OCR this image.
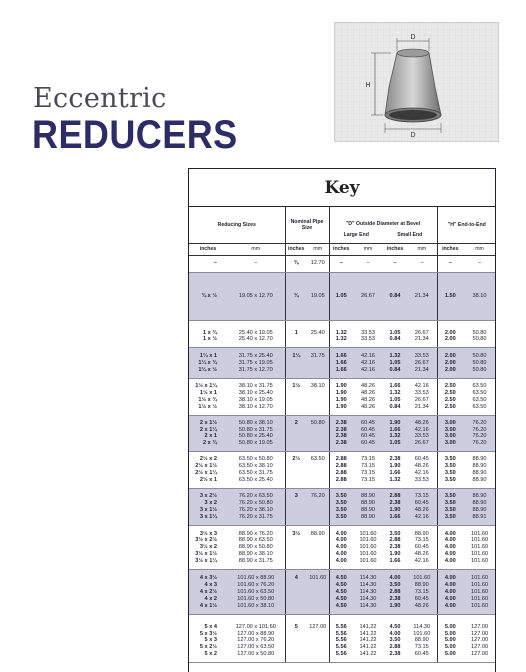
D
D
H
Eccentric
REDUCERS
Key
Reducing Sizes		Nominal Pipe Size		"D" Outside Diameter at Bevel				"H" End-to-End	
				Large End		Small End			
inches	mm	inches	mm	inches	mm	inches	mm	inches	mm
–	–	⅜	12.70	–	–	–	–	–	–
¾ x ½	19.05 x 12.70	¾	19.05	1.05	26.67	0.84	21.34	1.50	38.10
1 x ¾	25.40 x 19.05	1	25.40	1.32	33.53	1.05	26.67	2.00	50.80
1 x ½	25.40 x 12.70			1.32	33.53	0.84	21.34	2.00	50.80
1¼ x 1	31.75 x 25.40	1¼	31.75	1.66	42.16	1.32	33.53	2.00	50.80
1¼ x ¾	31.75 x 19.05			1.66	42.16	1.05	26.67	2.00	50.80
1¼ x ½	31.75 x 12.70			1.66	42.16	0.84	21.34	2.00	50.80
1½ x 1¼	38.10 x 31.75	1½	38.10	1.90	48.26	1.66	42.16	2.50	63.50
1½ x 1	38.10 x 25.40			1.90	48.26	1.32	33.53	2.50	63.50
1½ x ¾	38.10 x 19.05			1.90	48.26	1.05	26.67	2.50	63.50
1½ x ½	38.10 x 12.70			1.90	48.26	0.84	21.34	2.50	63.50
2 x 1½	50.80 x 38.10	2	50.80	2.38	60.45	1.90	48.26	3.00	76.20
2 x 1¼	50.80 x 31.75			2.38	60.45	1.66	42.16	3.00	76.20
2 x 1	50.80 x 25.40			2.38	60.45	1.32	33.53	3.00	76.20
2 x ¾	50.80 x 19.05			2.38	60.45	1.05	26.67	3.00	76.20
2½ x 2	63.50 x 50.80	2½	63.50	2.88	73.15	2.38	60.45	3.50	88.90
2½ x 1½	63.50 x 38.10			2.88	73.15	1.90	48.26	3.50	88.90
2½ x 1¼	63.50 x 31.75			2.88	73.15	1.66	42.16	3.50	88.90
2½ x 1	63.50 x 25.40			2.88	73.15	1.32	33.53	3.50	88.90
3 x 2½	76.20 x 63.50	3	76.20	3.50	88.90	2.88	73.15	3.50	88.90
3 x 2	76.20 x 50.80			3.50	88.90	2.38	60.45	3.50	88.90
3 x 1½	76.20 x 38.10			3.50	88.90	1.90	48.26	3.50	88.90
3 x 1¼	76.20 x 31.75			3.50	88.90	1.66	42.16	3.50	88.91
3½ x 3	88.90 x 76.20	3½	88.90	4.00	101.60	3.50	88.90	4.00	101.60
3½ x 2½	88.90 x 63.50			4.00	101.60	2.88	73.15	4.00	101.60
3½ x 2	88.90 x 50.80			4.00	101.60	2.38	60.45	4.00	101.60
3½ x 1½	88.90 x 38.10			4.00	101.60	1.90	48.26	4.00	101.60
3½ x 1¼	88.90 x 31.75			4.00	101.60	1.66	42.16	4.00	101.60
4 x 3½	101.60 x 88.90	4	101.60	4.50	114.30	4.00	101.60	4.00	101.60
4 x 3	101.60 x 76.20			4.50	114.30	3.50	88.90	4.00	101.60
4 x 2½	101.60 x 63.50			4.50	114.30	2.88	73.15	4.00	101.60
4 x 2	101.60 x 50.80			4.50	114.30	2.38	60.45	4.00	101.60
4 x 1½	101.60 x 38.10			4.50	114.30	1.90	48.26	4.00	101.60
5 x 4	127.00 x 101.60	5	127.00	5.56	141.22	4.50	114.30	5.00	127.00
5 x 3½	127.00 x 88.90			5.56	141.22	4.00	101.60	5.00	127.00
5 x 3	127.00 x 76.20			5.56	141.22	3.50	88.90	5.00	127.00
5 x 2½	127.00 x 63.50			5.56	141.22	2.88	73.15	5.00	127.00
5 x 2	127.00 x 50.80			5.56	141.22	2.38	60.45	5.00	127.00
